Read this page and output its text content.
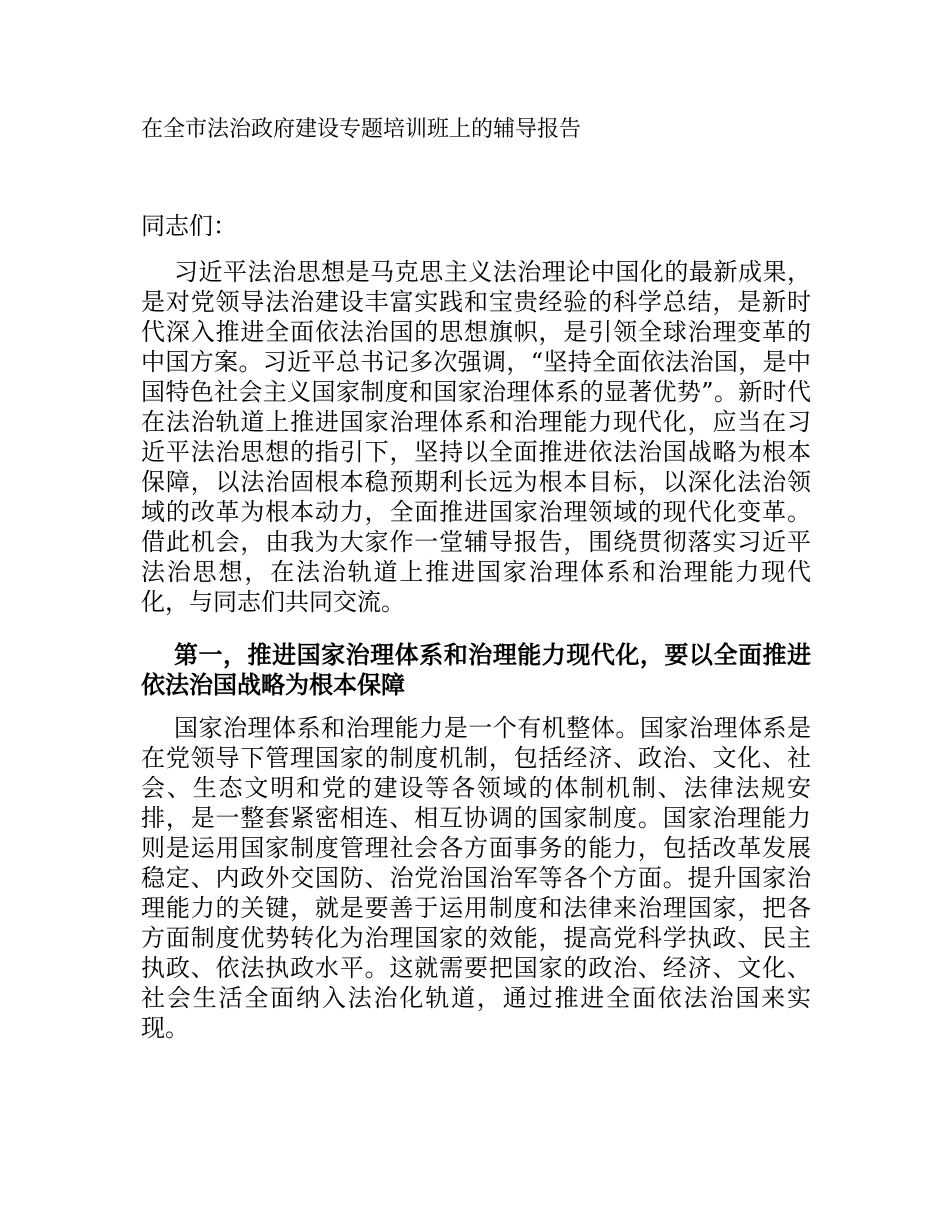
在全市法治政府建设专题培训班上的辅导报告
同志们：

习近平法治思想是马克思主义法治理论中国化的最新成果，是对党领导法治建设丰富实践和宝贵经验的科学总结，是新时代深入推进全面依法治国的思想旗帜，是引领全球治理变革的中国方案。习近平总书记多次强调，“坚持全面依法治国，是中国特色社会主义国家制度和国家治理体系的显著优势”。新时代在法治轨道上推进国家治理体系和治理能力现代化，应当在习近平法治思想的指引下，坚持以全面推进依法治国战略为根本保障，以法治固根本稳预期利长远为根本目标，以深化法治领域的改革为根本动力，全面推进国家治理领域的现代化变革。借此机会，由我为大家作一堂辅导报告，围绕贯彻落实习近平法治思想，在法治轨道上推进国家治理体系和治理能力现代化，与同志们共同交流。

第一，推进国家治理体系和治理能力现代化，要以全面推进依法治国战略为根本保障

国家治理体系和治理能力是一个有机整体。国家治理体系是在党领导下管理国家的制度机制，包括经济、政治、文化、社会、生态文明和党的建设等各领域的体制机制、法律法规安排，是一整套紧密相连、相互协调的国家制度。国家治理能力则是运用国家制度管理社会各方面事务的能力，包括改革发展稳定、内政外交国防、治党治国治军等各个方面。提升国家治理能力的关键，就是要善于运用制度和法律来治理国家，把各方面制度优势转化为治理国家的效能，提高党科学执政、民主执政、依法执政水平。这就需要把国家的政治、经济、文化、社会生活全面纳入法治化轨道，通过推进全面依法治国来实现。
